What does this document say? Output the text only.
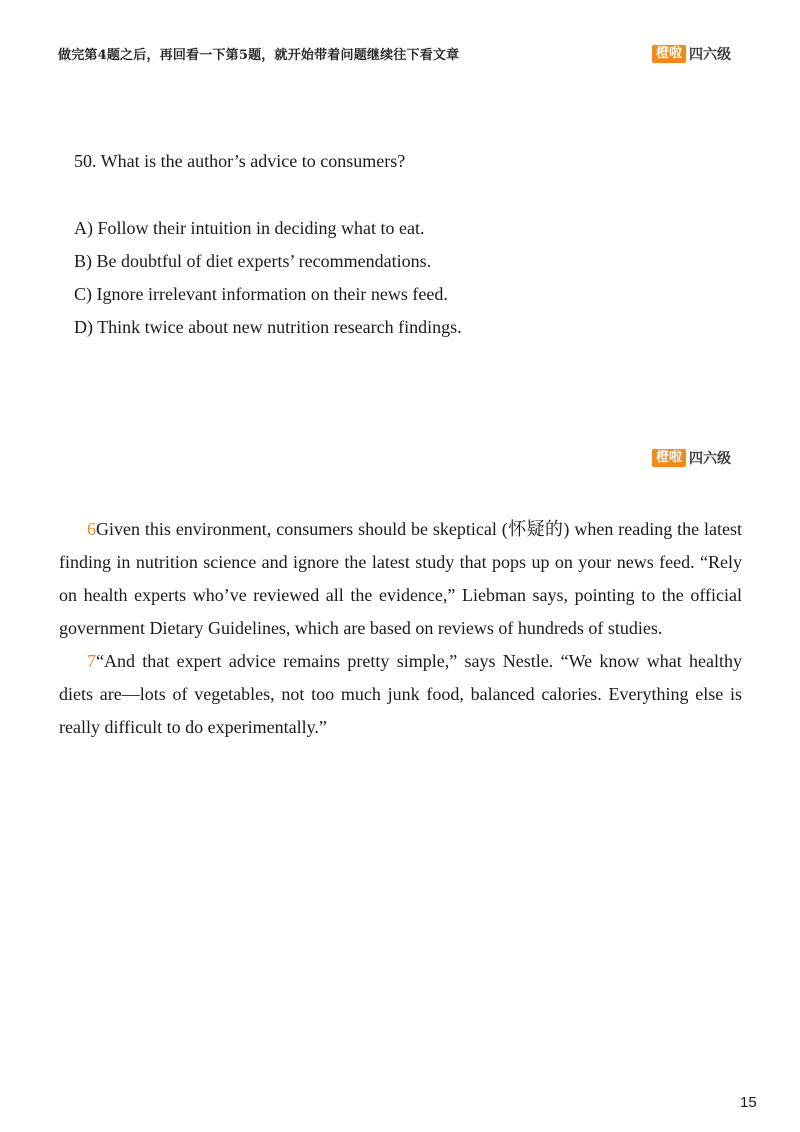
做完第4题之后，再回看一下第5题，就开始带着问题继续往下看文章	橙啦 四六级
50. What is the author’s advice to consumers?
A) Follow their intuition in deciding what to eat.
B) Be doubtful of diet experts’ recommendations.
C) Ignore irrelevant information on their news feed.
D) Think twice about new nutrition research findings.
橙啦 四六级

6Given this environment, consumers should be skeptical (怀疑的) when reading the latest finding in nutrition science and ignore the latest study that pops up on your news feed. “Rely on health experts who’ve reviewed all the evidence,” Liebman says, pointing to the official government Dietary Guidelines, which are based on reviews of hundreds of studies.

7“And that expert advice remains pretty simple,” says Nestle. “We know what healthy diets are—lots of vegetables, not too much junk food, balanced calories. Everything else is really difficult to do experimentally.”

15
